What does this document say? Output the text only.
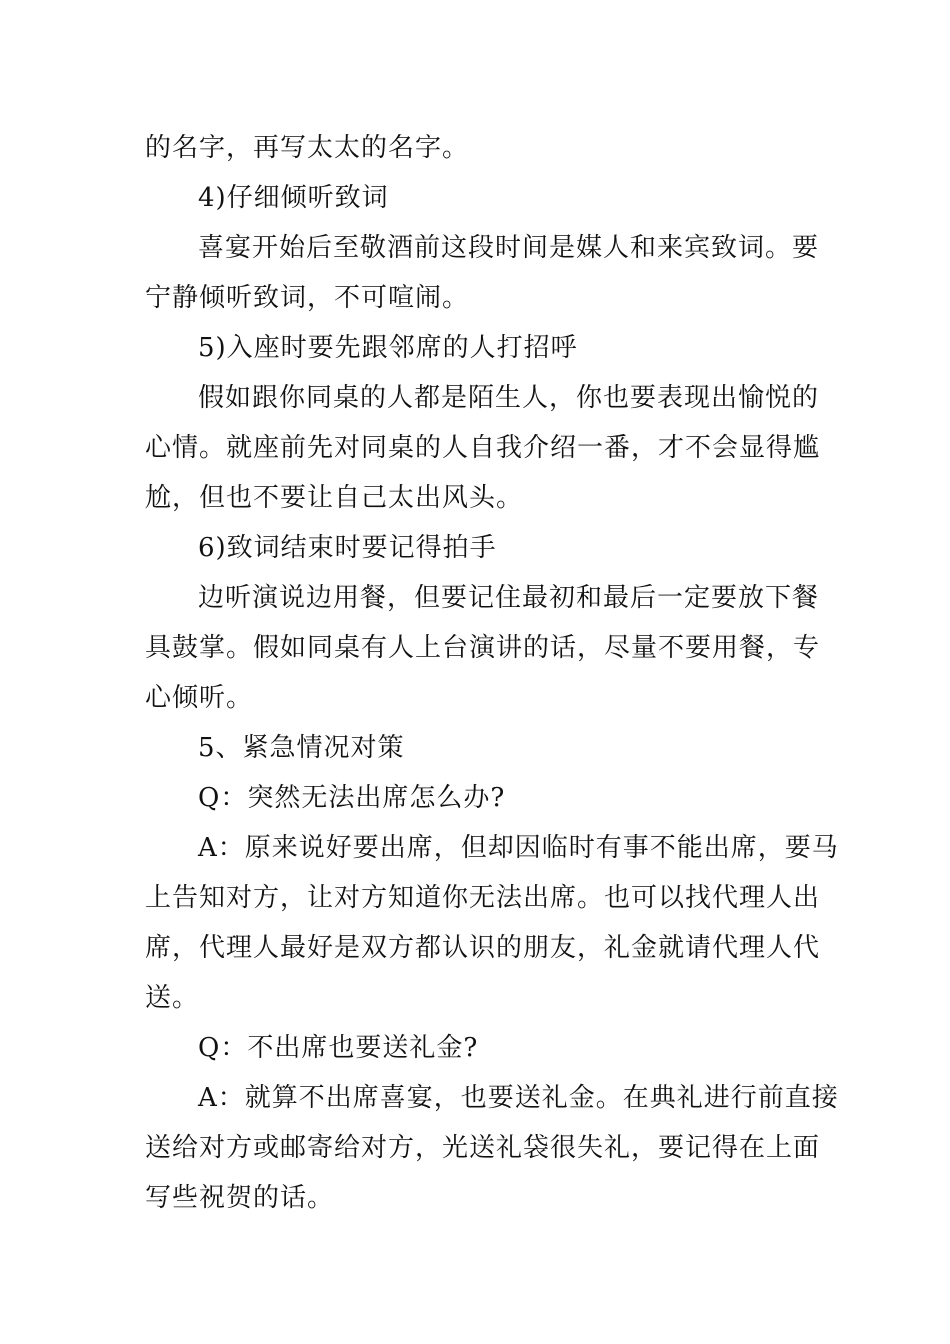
的名字，再写太太的名字。
4)仔细倾听致词
喜宴开始后至敬酒前这段时间是媒人和来宾致词。要
宁静倾听致词，不可喧闹。
5)入座时要先跟邻席的人打招呼
假如跟你同桌的人都是陌生人，你也要表现出愉悦的
心情。就座前先对同桌的人自我介绍一番，才不会显得尴
尬，但也不要让自己太出风头。
6)致词结束时要记得拍手
边听演说边用餐，但要记住最初和最后一定要放下餐
具鼓掌。假如同桌有人上台演讲的话，尽量不要用餐，专
心倾听。
5、紧急情况对策
Q：突然无法出席怎么办?
A：原来说好要出席，但却因临时有事不能出席，要马
上告知对方，让对方知道你无法出席。也可以找代理人出
席，代理人最好是双方都认识的朋友，礼金就请代理人代
送。
Q：不出席也要送礼金?
A：就算不出席喜宴，也要送礼金。在典礼进行前直接
送给对方或邮寄给对方，光送礼袋很失礼，要记得在上面
写些祝贺的话。
